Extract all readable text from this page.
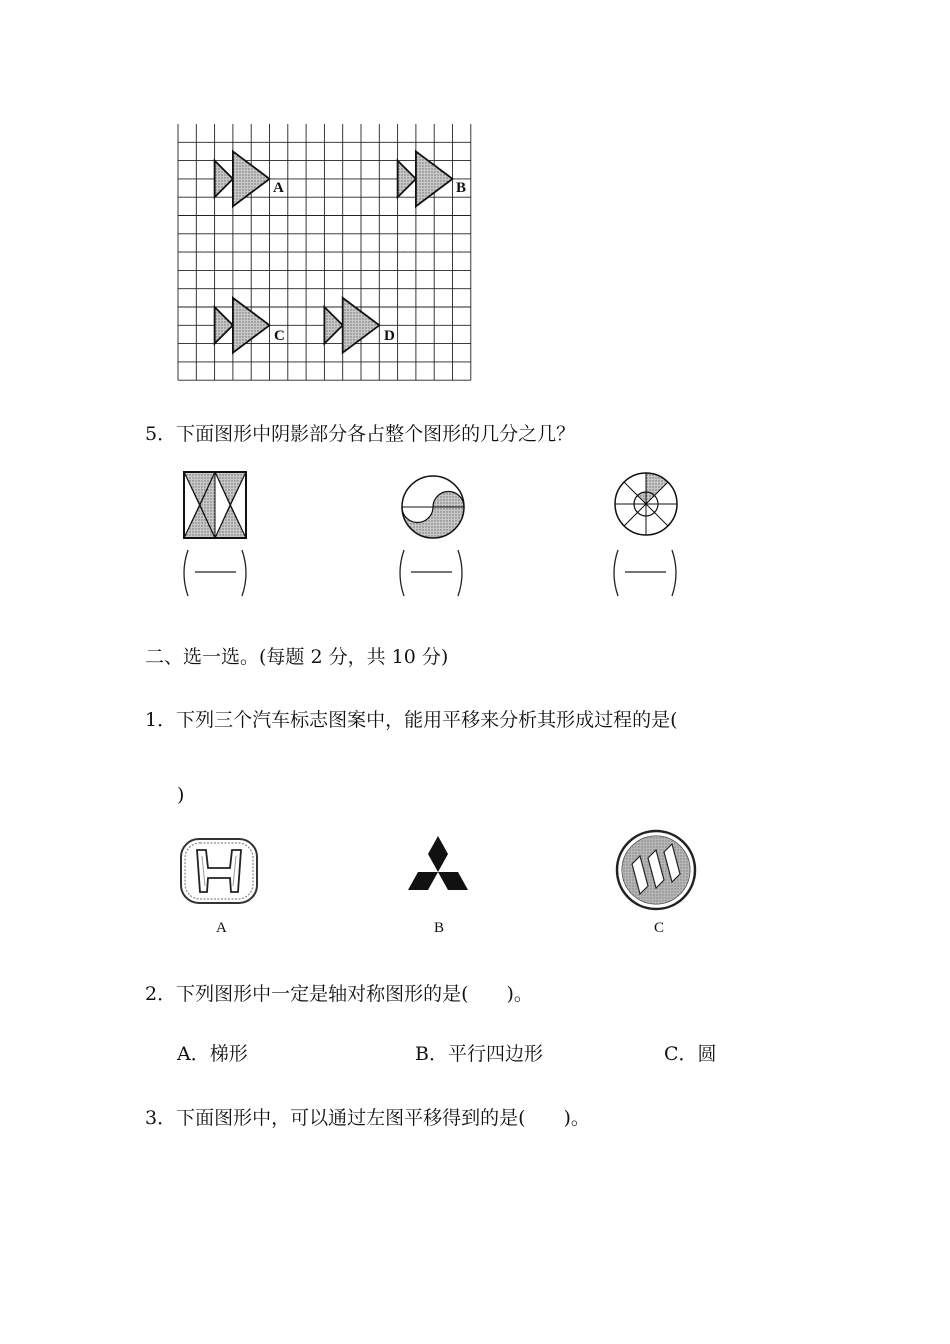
A	B
C	D
5．下面图形中阴影部分各占整个图形的几分之几？
二、选一选。(每题 2 分，共 10 分)
1．下列三个汽车标志图案中，能用平移来分析其形成过程的是(
)
A	B	C
2．下列图形中一定是轴对称图形的是(　　)。
A．梯形	B．平行四边形	C．圆
3．下面图形中，可以通过左图平移得到的是(　　)。
